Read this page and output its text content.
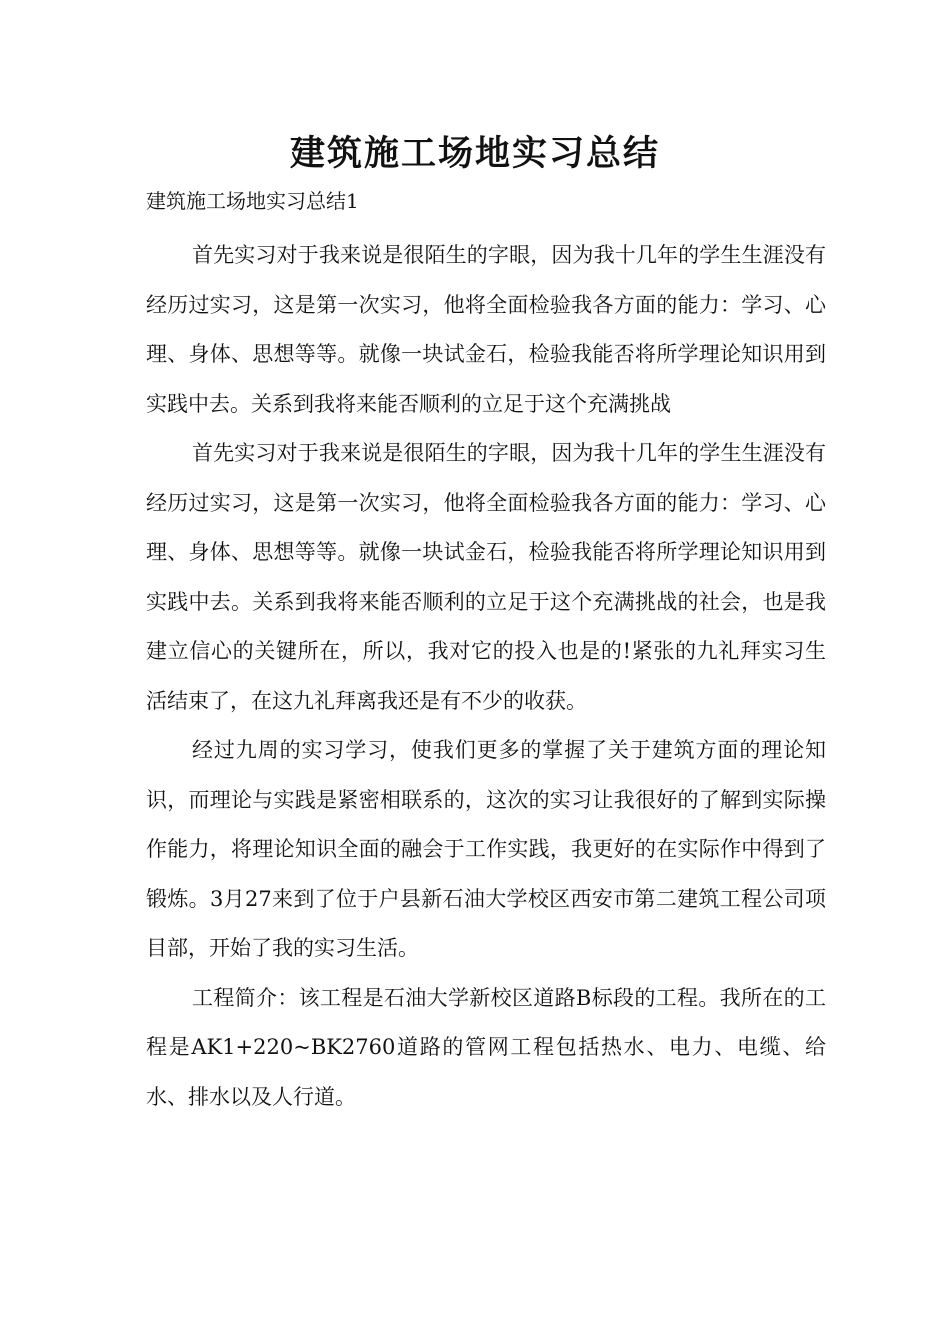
建筑施工场地实习总结

建筑施工场地实习总结1

首先实习对于我来说是很陌生的字眼，因为我十几年的学生生涯没有经历过实习，这是第一次实习，他将全面检验我各方面的能力：学习、心理、身体、思想等等。就像一块试金石，检验我能否将所学理论知识用到实践中去。关系到我将来能否顺利的立足于这个充满挑战

首先实习对于我来说是很陌生的字眼，因为我十几年的学生生涯没有经历过实习，这是第一次实习，他将全面检验我各方面的能力：学习、心理、身体、思想等等。就像一块试金石，检验我能否将所学理论知识用到实践中去。关系到我将来能否顺利的立足于这个充满挑战的社会，也是我建立信心的关键所在，所以，我对它的投入也是的!紧张的九礼拜实习生活结束了，在这九礼拜离我还是有不少的收获。

经过九周的实习学习，使我们更多的掌握了关于建筑方面的理论知识，而理论与实践是紧密相联系的，这次的实习让我很好的了解到实际操作能力，将理论知识全面的融会于工作实践，我更好的在实际作中得到了锻炼。3月27来到了位于户县新石油大学校区西安市第二建筑工程公司项目部，开始了我的实习生活。

工程简介：该工程是石油大学新校区道路B标段的工程。我所在的工程是AK1+220~BK2760道路的管网工程包括热水、电力、电缆、给水、排水以及人行道。
